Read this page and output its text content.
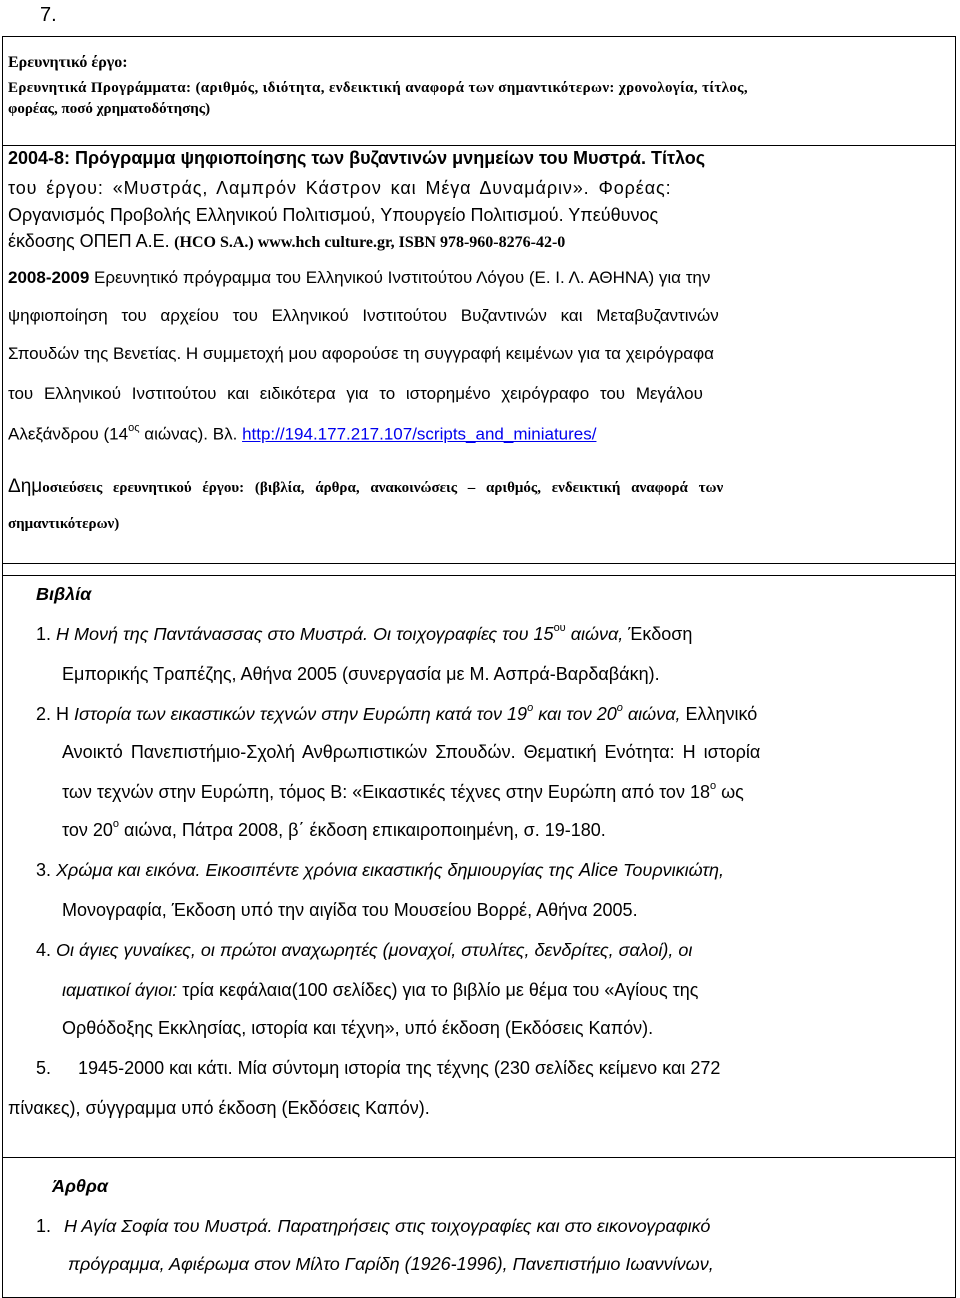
7.
Ερευνητικό έργο:
Ερευνητικά Προγράμματα: (αριθμός, ιδιότητα, ενδεικτική αναφορά των σημαντικότερων: χρονολογία, τίτλος,
φορέας, ποσό χρηματοδότησης)
2004-8: Πρόγραμμα ψηφιοποίησης των βυζαντινών μνημείων του Μυστρά. Τίτλος
του έργου: «Μυστράς, Λαμπρόν Κάστρον και Μέγα Δυναμάριν». Φορέας:
Οργανισμός Προβολής Ελληνικού Πολιτισμού, Υπουργείο Πολιτισμού. Υπεύθυνος
έκδοσης ΟΠΕΠ Α.Ε. (HCO S.A.) www.hch culture.gr, ISBN 978-960-8276-42-0
2008-2009 Ερευνητικό πρόγραμμα του Ελληνικού Ινστιτούτου Λόγου (Ε. Ι. Λ. ΑΘΗΝΑ) για την
ψηφιοποίηση του αρχείου του Ελληνικού Ινστιτούτου Βυζαντινών και Μεταβυζαντινών
Σπουδών της Βενετίας. Η συμμετοχή μου αφορούσε τη συγγραφή κειμένων για τα χειρόγραφα
του Ελληνικού Ινστιτούτου και ειδικότερα για το ιστορημένο χειρόγραφο του Μεγάλου
Αλεξάνδρου ($14^{o\varsigma}$ αιώνας). Βλ. http://194.177.217.107/scripts_and_miniatures/
Δημοσιεύσεις ερευνητικού έργου: (βιβλία, άρθρα, ανακοινώσεις – αριθμός, ενδεικτική αναφορά των
σημαντικότερων)
Βιβλία
1. Η Μονή της Παντάνασσας στο Μυστρά. Οι τοιχογραφίες του $15^{o\upsilon}$ αιώνα, Έκδοση
Εμπορικής Τραπέζης, Αθήνα 2005 (συνεργασία με Μ. Ασπρά-Βαρδαβάκη).
2. Η Ιστορία των εικαστικών τεχνών στην Ευρώπη κατά τον $19^o$ και τον $20^o$ αιώνα, Ελληνικό
Ανοικτό Πανεπιστήμιο-Σχολή Ανθρωπιστικών Σπουδών. Θεματική Ενότητα: Η ιστορία
των τεχνών στην Ευρώπη, τόμος Β: «Εικαστικές τέχνες στην Ευρώπη από τον $18^o$ ως
τον $20^o$ αιώνα, Πάτρα 2008, β΄ έκδοση επικαιροποιημένη, σ. 19-180.
3. Χρώμα και εικόνα. Εικοσιπέντε χρόνια εικαστικής δημιουργίας της Alice Τουρνικιώτη,
Μονογραφία, Έκδοση υπό την αιγίδα του Μουσείου Βορρέ, Αθήνα 2005.
4. Οι άγιες γυναίκες, οι πρώτοι αναχωρητές (μοναχοί, στυλίτες, δενδρίτες, σαλοί), οι
ιαματικοί άγιοι: τρία κεφάλαια(100 σελίδες) για το βιβλίο με θέμα του «Αγίους της
Ορθόδοξης Εκκλησίας, ιστορία και τέχνη», υπό έκδοση (Εκδόσεις Καπόν).
5. 1945-2000 και κάτι. Μία σύντομη ιστορία της τέχνης (230 σελίδες κείμενο και 272
πίνακες), σύγγραμμα υπό έκδοση (Εκδόσεις Καπόν).
Άρθρα
1. Η Αγία Σοφία του Μυστρά. Παρατηρήσεις στις τοιχογραφίες και στο εικονογραφικό
πρόγραμμα, Αφιέρωμα στον Μίλτο Γαρίδη (1926-1996), Πανεπιστήμιο Ιωαννίνων,
